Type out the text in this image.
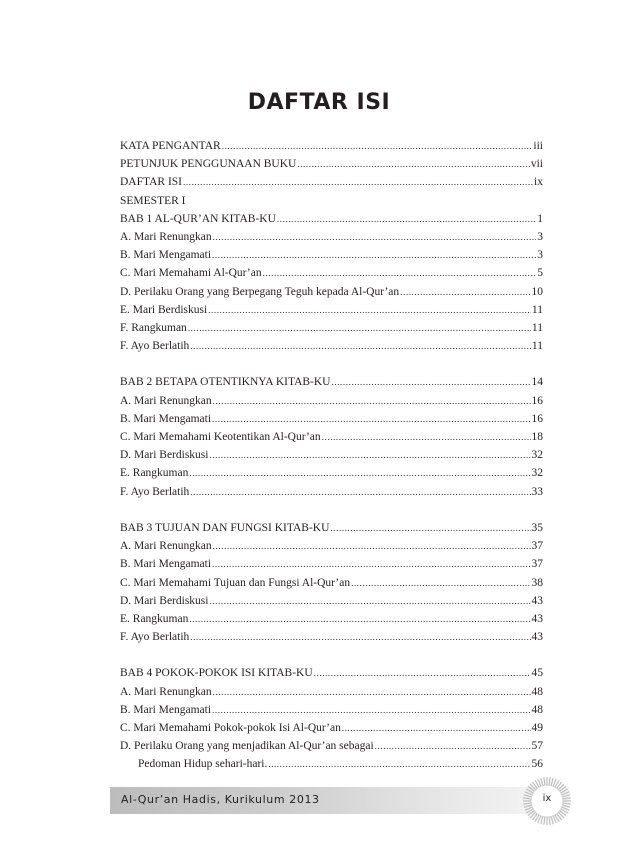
DAFTAR ISI
KATA PENGANTAR .....	iii
PETUNJUK PENGGUNAAN BUKU .....	vii
DAFTAR ISI .....	ix
SEMESTER I
BAB 1 AL-QUR’AN KITAB-KU .....	1
A. Mari Renungkan .....	3
B. Mari Mengamati .....	3
C. Mari Memahami Al-Qur’an .....	5
D. Perilaku Orang yang Berpegang Teguh kepada Al-Qur’an .....	10
E. Mari Berdiskusi .....	11
F. Rangkuman .....	11
F. Ayo Berlatih .....	11
BAB 2 BETAPA OTENTIKNYA KITAB-KU .....	14
A. Mari Renungkan .....	16
B. Mari Mengamati .....	16
C. Mari Memahami Keotentikan Al-Qur’an .....	18
D. Mari Berdiskusi .....	32
E. Rangkuman .....	32
F. Ayo Berlatih .....	33
BAB 3 TUJUAN DAN FUNGSI KITAB-KU .....	35
A. Mari Renungkan .....	37
B. Mari Mengamati .....	37
C. Mari Memahami Tujuan dan Fungsi Al-Qur’an .....	38
D. Mari Berdiskusi .....	43
E. Rangkuman .....	43
F. Ayo Berlatih .....	43
BAB 4 POKOK-POKOK ISI KITAB-KU .....	45
A. Mari Renungkan .....	48
B. Mari Mengamati .....	48
C. Mari Memahami Pokok-pokok Isi Al-Qur’an .....	49
D. Perilaku Orang yang menjadikan Al-Qur’an sebagai .....	57
Pedoman Hidup sehari-hari. .....	56
Al-Qur’an Hadis, Kurikulum 2013	ix
